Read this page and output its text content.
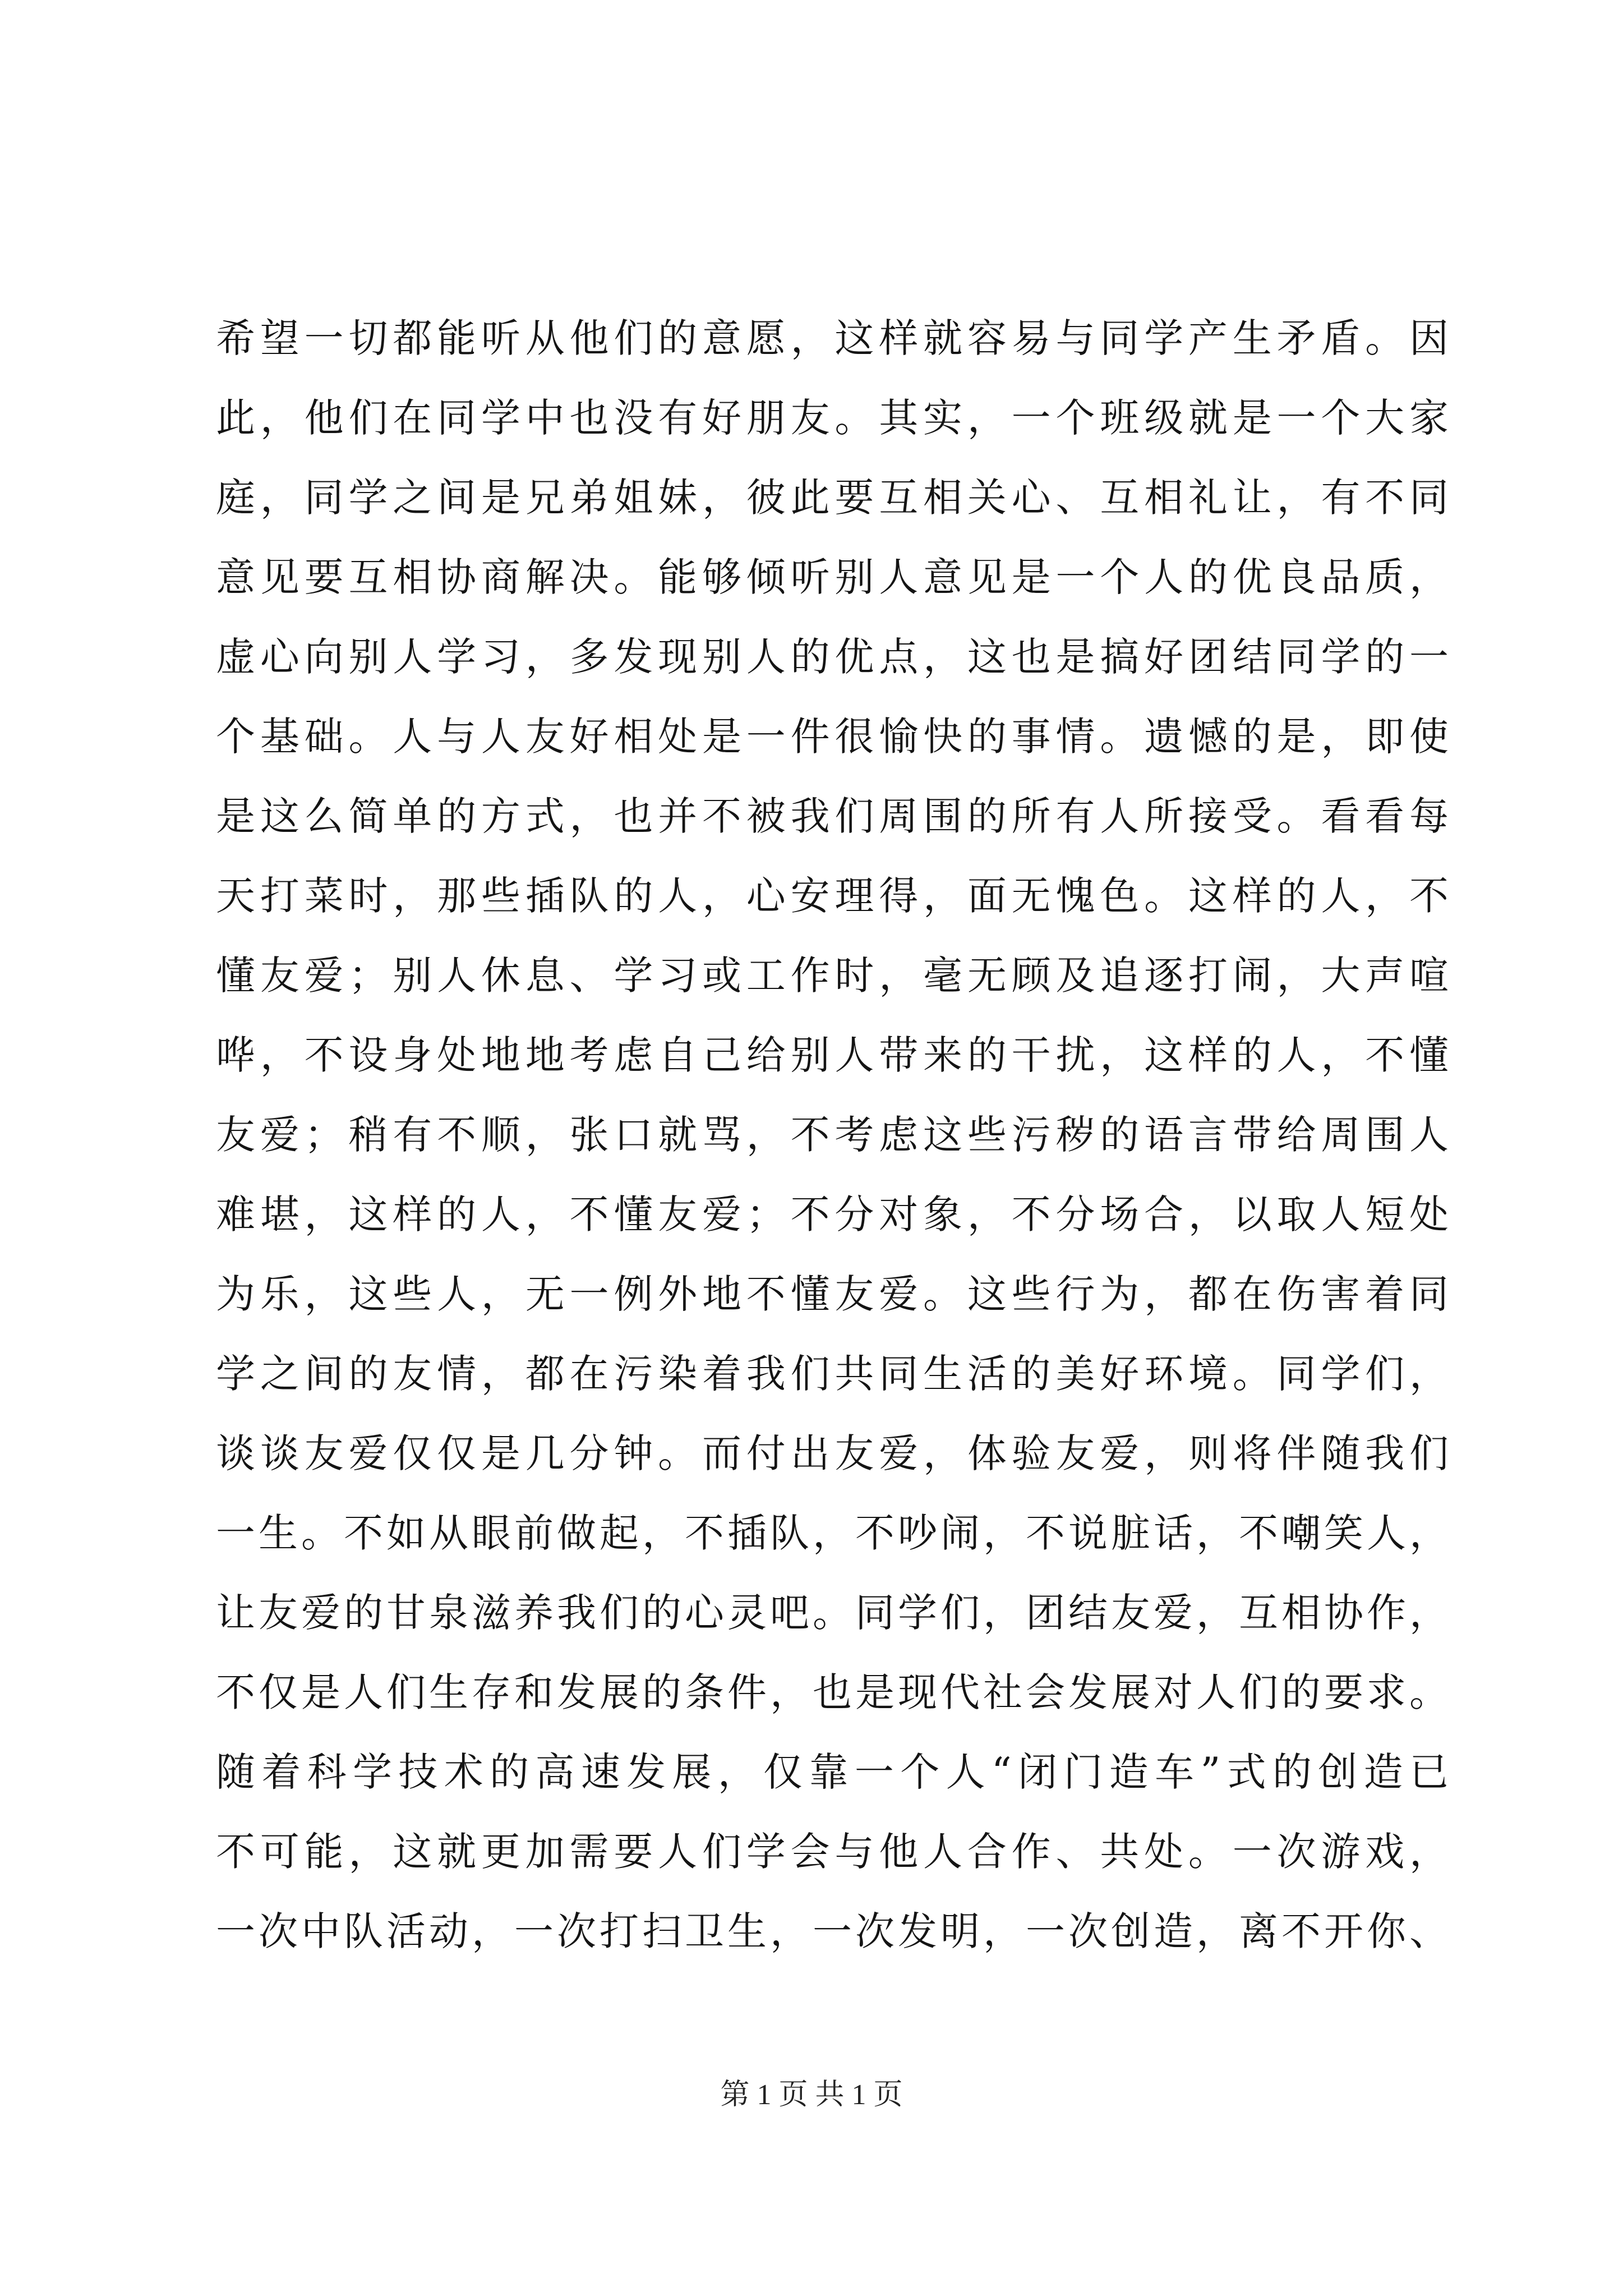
希望一切都能听从他们的意愿，这样就容易与同学产生矛盾。因
此，他们在同学中也没有好朋友。其实，一个班级就是一个大家
庭，同学之间是兄弟姐妹，彼此要互相关心、互相礼让，有不同
意见要互相协商解决。能够倾听别人意见是一个人的优良品质，
虚心向别人学习，多发现别人的优点，这也是搞好团结同学的一
个基础。人与人友好相处是一件很愉快的事情。遗憾的是，即使
是这么简单的方式，也并不被我们周围的所有人所接受。看看每
天打菜时，那些插队的人，心安理得，面无愧色。这样的人，不
懂友爱；别人休息、学习或工作时，毫无顾及追逐打闹，大声喧
哗，不设身处地地考虑自己给别人带来的干扰，这样的人，不懂
友爱；稍有不顺，张口就骂，不考虑这些污秽的语言带给周围人
难堪，这样的人，不懂友爱；不分对象，不分场合，以取人短处
为乐，这些人，无一例外地不懂友爱。这些行为，都在伤害着同
学之间的友情，都在污染着我们共同生活的美好环境。同学们，
谈谈友爱仅仅是几分钟。而付出友爱，体验友爱，则将伴随我们
一生。不如从眼前做起，不插队，不吵闹，不说脏话，不嘲笑人，
让友爱的甘泉滋养我们的心灵吧。同学们，团结友爱，互相协作，
不仅是人们生存和发展的条件，也是现代社会发展对人们的要求。
随着科学技术的高速发展，仅靠一个人“闭门造车”式的创造已
不可能，这就更加需要人们学会与他人合作、共处。一次游戏，
一次中队活动，一次打扫卫生，一次发明，一次创造，离不开你、
第 1 页 共 1 页
